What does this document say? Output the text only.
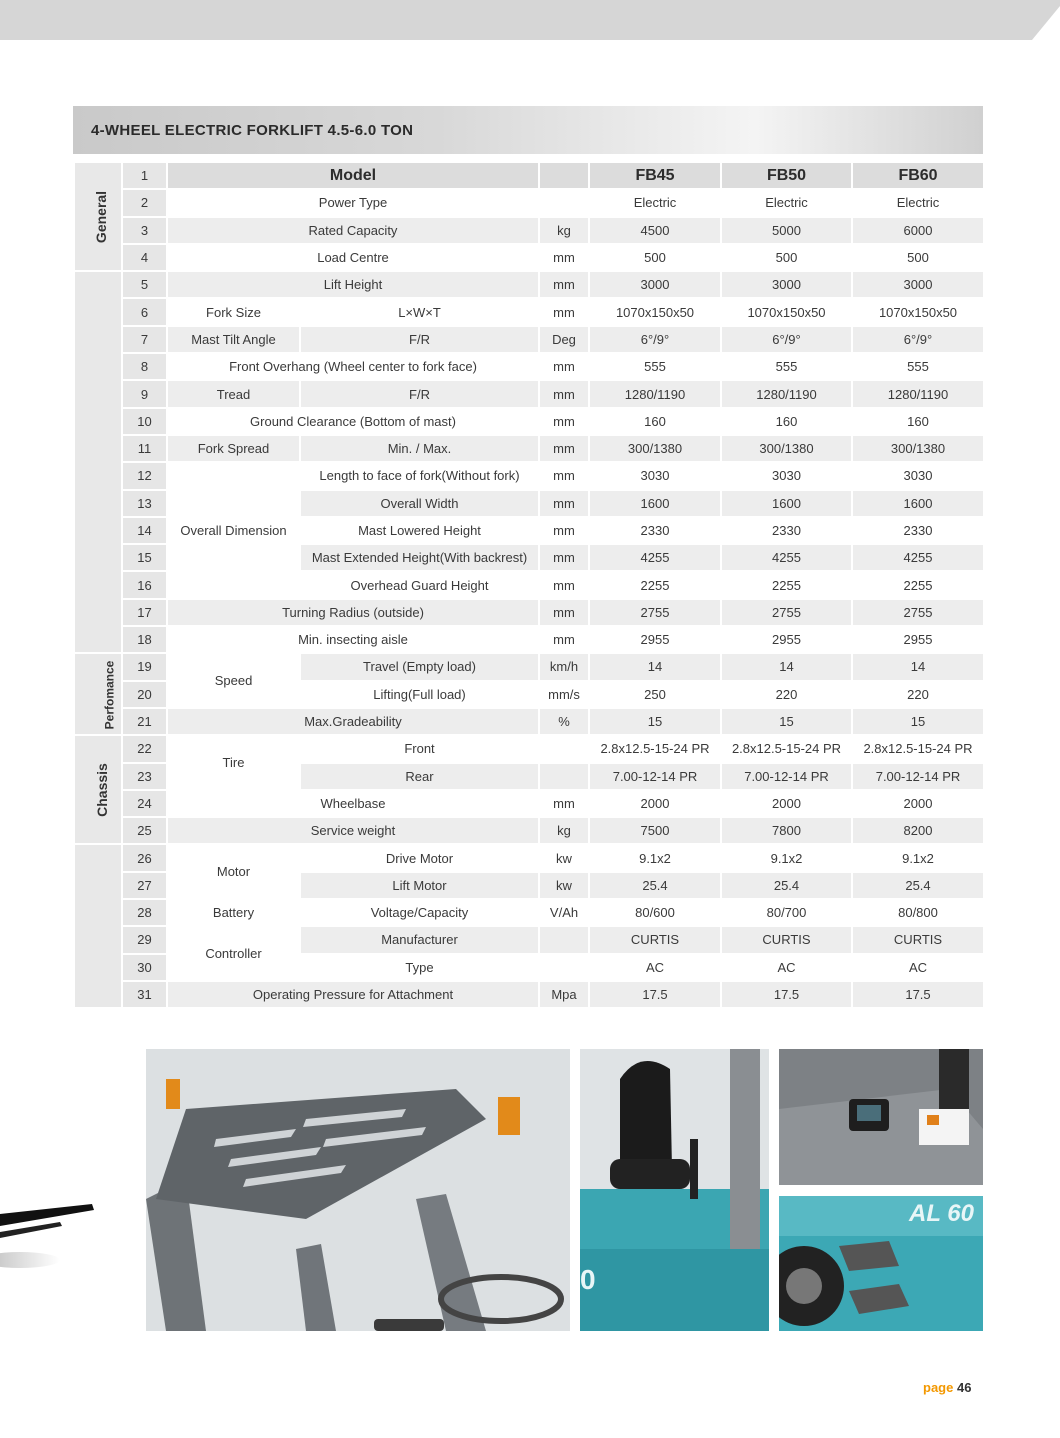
4-WHEEL ELECTRIC FORKLIFT 4.5-6.0 TON
General	1	Model			FB45	FB50	FB60
	2	Power Type			Electric	Electric	Electric
	3	Rated Capacity		kg	4500	5000	6000
	4	Load Centre		mm	500	500	500
	5	Lift Height		mm	3000	3000	3000
	6	Fork Size	L×W×T	mm	1070x150x50	1070x150x50	1070x150x50
	7	Mast Tilt Angle	F/R	Deg	6°/9°	6°/9°	6°/9°
	8	Front Overhang (Wheel center to fork face)		mm	555	555	555
	9	Tread	F/R	mm	1280/1190	1280/1190	1280/1190
	10	Ground Clearance (Bottom of mast)		mm	160	160	160
	11	Fork Spread	Min. / Max.	mm	300/1380	300/1380	300/1380
	12	Overall Dimension	Length to face of fork(Without fork)	mm	3030	3030	3030
	13		Overall Width	mm	1600	1600	1600
	14		Mast Lowered Height	mm	2330	2330	2330
	15		Mast Extended Height(With backrest)	mm	4255	4255	4255
	16		Overhead Guard Height	mm	2255	2255	2255
	17	Turning Radius (outside)		mm	2755	2755	2755
	18	Min. insecting aisle		mm	2955	2955	2955
Perfomance	19	Speed	Travel (Empty load)	km/h	14	14	14
	20		Lifting(Full load)	mm/s	250	220	220
	21	Max.Gradeability		%	15	15	15
Chassis	22	Tire	Front		2.8x12.5-15-24 PR	2.8x12.5-15-24 PR	2.8x12.5-15-24 PR
	23		Rear		7.00-12-14 PR	7.00-12-14 PR	7.00-12-14 PR
	24	Wheelbase		mm	2000	2000	2000
	25	Service weight		kg	7500	7800	8200
	26	Motor	Drive Motor	kw	9.1x2	9.1x2	9.1x2
	27		Lift Motor	kw	25.4	25.4	25.4
	28	Battery	Voltage/Capacity	V/Ah	80/600	80/700	80/800
	29	Controller	Manufacturer		CURTIS	CURTIS	CURTIS
	30		Type		AC	AC	AC
	31	Operating Pressure for Attachment		Mpa	17.5	17.5	17.5
0
AL 60
page 46
